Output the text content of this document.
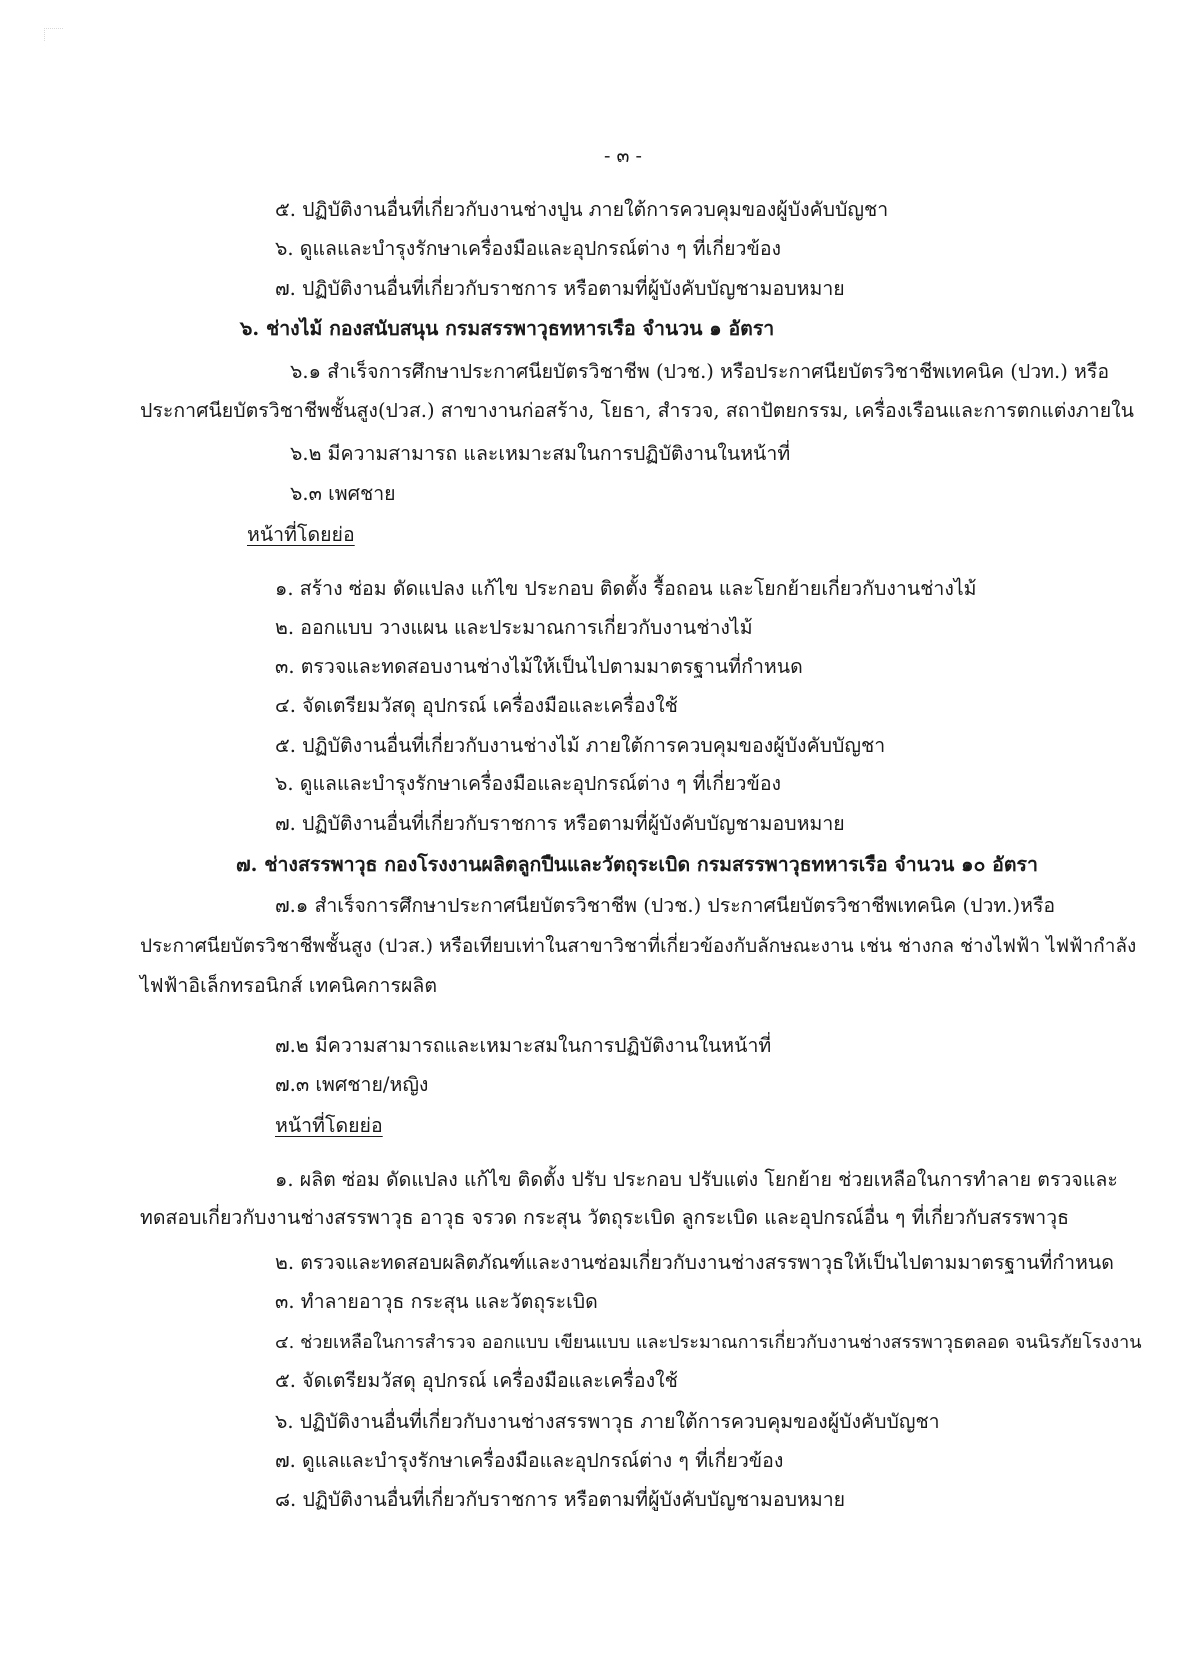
- ๓ -
๕. ปฏิบัติงานอื่นที่เกี่ยวกับงานช่างปูน ภายใต้การควบคุมของผู้บังคับบัญชา
๖. ดูแลและบำรุงรักษาเครื่องมือและอุปกรณ์ต่าง ๆ ที่เกี่ยวข้อง
๗. ปฏิบัติงานอื่นที่เกี่ยวกับราชการ หรือตามที่ผู้บังคับบัญชามอบหมาย
๖. ช่างไม้ กองสนับสนุน กรมสรรพาวุธทหารเรือ จำนวน ๑ อัตรา
๖.๑ สำเร็จการศึกษาประกาศนียบัตรวิชาชีพ (ปวช.) หรือประกาศนียบัตรวิชาชีพเทคนิค (ปวท.) หรือ
ประกาศนียบัตรวิชาชีพชั้นสูง(ปวส.) สาขางานก่อสร้าง, โยธา, สำรวจ, สถาปัตยกรรม, เครื่องเรือนและการตกแต่งภายใน
๖.๒ มีความสามารถ และเหมาะสมในการปฏิบัติงานในหน้าที่
๖.๓ เพศชาย
หน้าที่โดยย่อ
๑. สร้าง ซ่อม ดัดแปลง แก้ไข ประกอบ ติดตั้ง รื้อถอน และโยกย้ายเกี่ยวกับงานช่างไม้
๒. ออกแบบ วางแผน และประมาณการเกี่ยวกับงานช่างไม้
๓. ตรวจและทดสอบงานช่างไม้ให้เป็นไปตามมาตรฐานที่กำหนด
๔. จัดเตรียมวัสดุ อุปกรณ์ เครื่องมือและเครื่องใช้
๕. ปฏิบัติงานอื่นที่เกี่ยวกับงานช่างไม้ ภายใต้การควบคุมของผู้บังคับบัญชา
๖. ดูแลและบำรุงรักษาเครื่องมือและอุปกรณ์ต่าง ๆ ที่เกี่ยวข้อง
๗. ปฏิบัติงานอื่นที่เกี่ยวกับราชการ หรือตามที่ผู้บังคับบัญชามอบหมาย
๗. ช่างสรรพาวุธ กองโรงงานผลิตลูกปืนและวัตถุระเบิด กรมสรรพาวุธทหารเรือ จำนวน ๑๐ อัตรา
๗.๑ สำเร็จการศึกษาประกาศนียบัตรวิชาชีพ (ปวช.) ประกาศนียบัตรวิชาชีพเทคนิค (ปวท.)หรือ
ประกาศนียบัตรวิชาชีพชั้นสูง (ปวส.) หรือเทียบเท่าในสาขาวิชาที่เกี่ยวข้องกับลักษณะงาน เช่น ช่างกล ช่างไฟฟ้า ไฟฟ้ากำลัง
ไฟฟ้าอิเล็กทรอนิกส์ เทคนิคการผลิต
๗.๒ มีความสามารถและเหมาะสมในการปฏิบัติงานในหน้าที่
๗.๓ เพศชาย/หญิง
หน้าที่โดยย่อ
๑. ผลิต ซ่อม ดัดแปลง แก้ไข ติดตั้ง ปรับ ประกอบ ปรับแต่ง โยกย้าย ช่วยเหลือในการทำลาย ตรวจและ
ทดสอบเกี่ยวกับงานช่างสรรพาวุธ อาวุธ จรวด กระสุน วัตถุระเบิด ลูกระเบิด และอุปกรณ์อื่น ๆ ที่เกี่ยวกับสรรพาวุธ
๒. ตรวจและทดสอบผลิตภัณฑ์และงานซ่อมเกี่ยวกับงานช่างสรรพาวุธให้เป็นไปตามมาตรฐานที่กำหนด
๓. ทำลายอาวุธ กระสุน และวัตถุระเบิด
๔. ช่วยเหลือในการสำรวจ ออกแบบ เขียนแบบ และประมาณการเกี่ยวกับงานช่างสรรพาวุธตลอด จนนิรภัยโรงงาน
๕. จัดเตรียมวัสดุ อุปกรณ์ เครื่องมือและเครื่องใช้
๖. ปฏิบัติงานอื่นที่เกี่ยวกับงานช่างสรรพาวุธ ภายใต้การควบคุมของผู้บังคับบัญชา
๗. ดูแลและบำรุงรักษาเครื่องมือและอุปกรณ์ต่าง ๆ ที่เกี่ยวข้อง
๘. ปฏิบัติงานอื่นที่เกี่ยวกับราชการ หรือตามที่ผู้บังคับบัญชามอบหมาย
